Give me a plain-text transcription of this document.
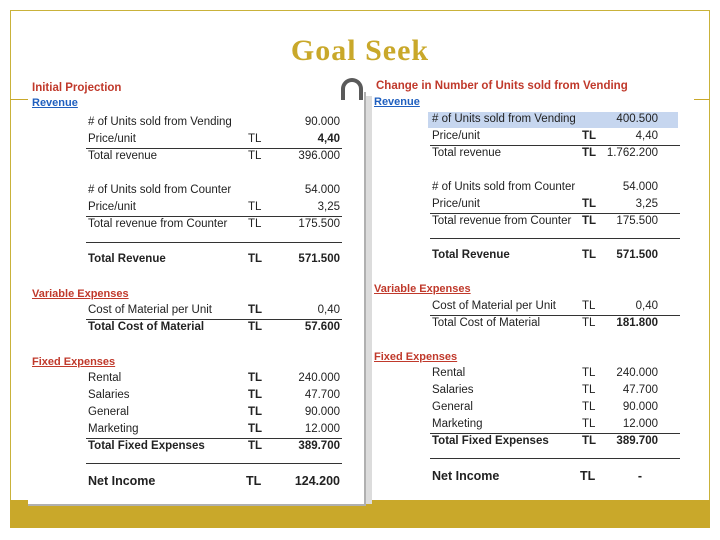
Goal Seek
Revenue
# of Units sold from Vending	90.000
Price/unit	TL	4,40
Total revenue	TL	396.000
# of Units sold from Counter	54.000
Price/unit	TL	3,25
Total revenue from Counter TL	175.500
Total Revenue	TL	571.500
Variable Expenses
Cost of Material per Unit	TL	0,40
Total Cost of Material	TL	57.600
Fixed Expenses
Rental	TL	240.000
Salaries	TL	47.700
General	TL	90.000
Marketing	TL	12.000
Total Fixed Expenses	TL	389.700
Net Income	TL	124.200
Initial Projection	Change in Number of Units sold from Vending
Revenue
# of Units sold from Vending	400.500
Price/unit	TL	4,40
Total revenue	TL 1.762.200
# of Units sold from Counter	54.000
Price/unit	TL	3,25
Total revenue from Counter TL 175.500
Total Revenue	TL 571.500
Variable Expenses
Cost of Material per Unit TL	0,40
Total Cost of Material	TL 181.800
Fixed Expenses
Rental	TL 240.000
Salaries	TL 47.700
General	TL 90.000
Marketing	TL 12.000
Total Fixed Expenses	TL 389.700
Net Income	TL	-
